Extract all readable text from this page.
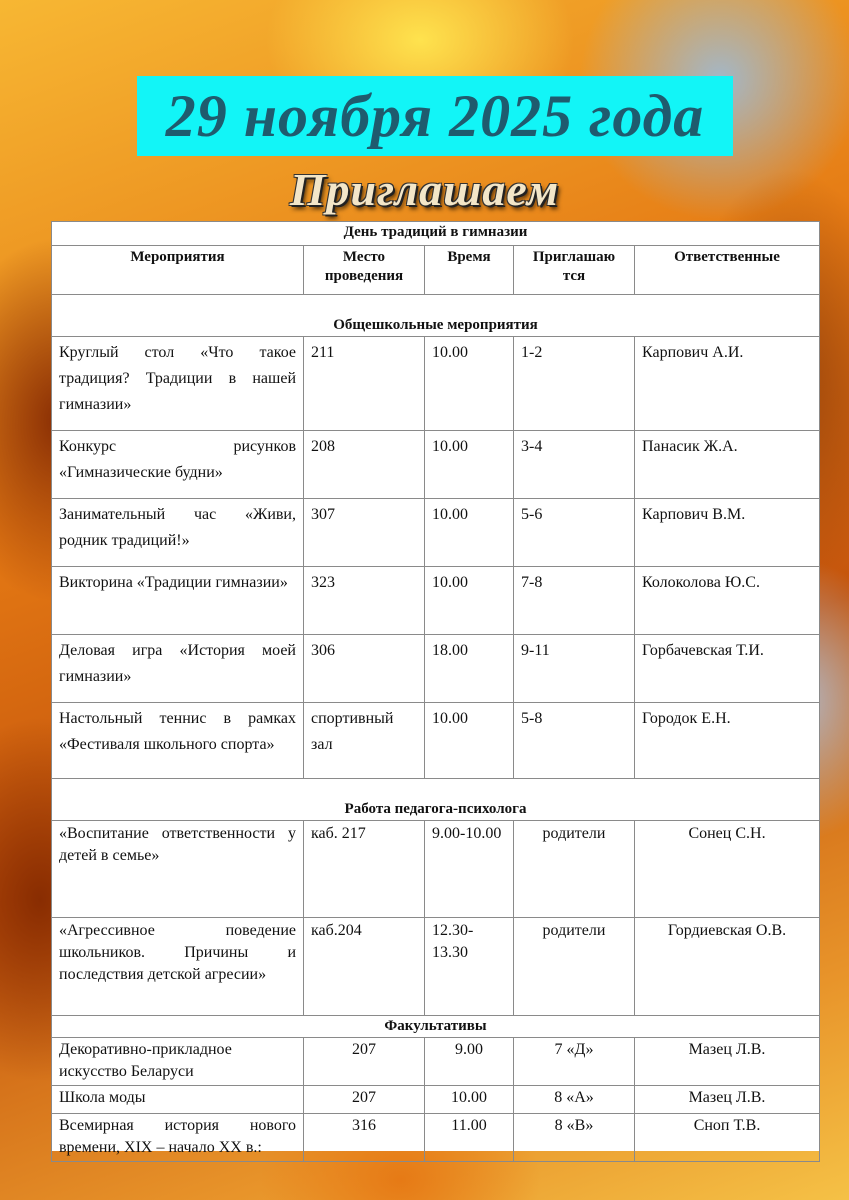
29 ноября 2025 года
Приглашаем
День традиций в гимназии				
Мероприятия	Место проведения	Время	Приглашаю тся	Ответственные
Общешкольные мероприятия				
Круглый стол «Что такое традиция? Традиции в нашей гимназии»	211	10.00	1-2	Карпович А.И.
Конкурс рисунков «Гимназические будни»	208	10.00	3-4	Панасик Ж.А.
Занимательный час «Живи, родник традиций!»	307	10.00	5-6	Карпович В.М.
Викторина «Традиции гимназии»	323	10.00	7-8	Колоколова Ю.С.
Деловая игра «История моей гимназии»	306	18.00	9-11	Горбачевская Т.И.
Настольный теннис в рамках «Фестиваля школьного спорта»	спортивный зал	10.00	5-8	Городок Е.Н.
Работа педагога-психолога				
«Воспитание ответственности у детей в семье»	каб. 217	9.00-10.00	родители	Сонец С.Н.
«Агрессивное поведение школьников. Причины и последствия детской агресии»	каб.204	12.30-13.30	родители	Гордиевская О.В.
Факультативы				
Декоративно-прикладное искусство Беларуси	207	9.00	7 «Д»	Мазец Л.В.
Школа моды	207	10.00	8 «А»	Мазец Л.В.
Всемирная история нового времени, XIX – начало XX в.:	316	11.00	8 «В»	Сноп Т.В.
